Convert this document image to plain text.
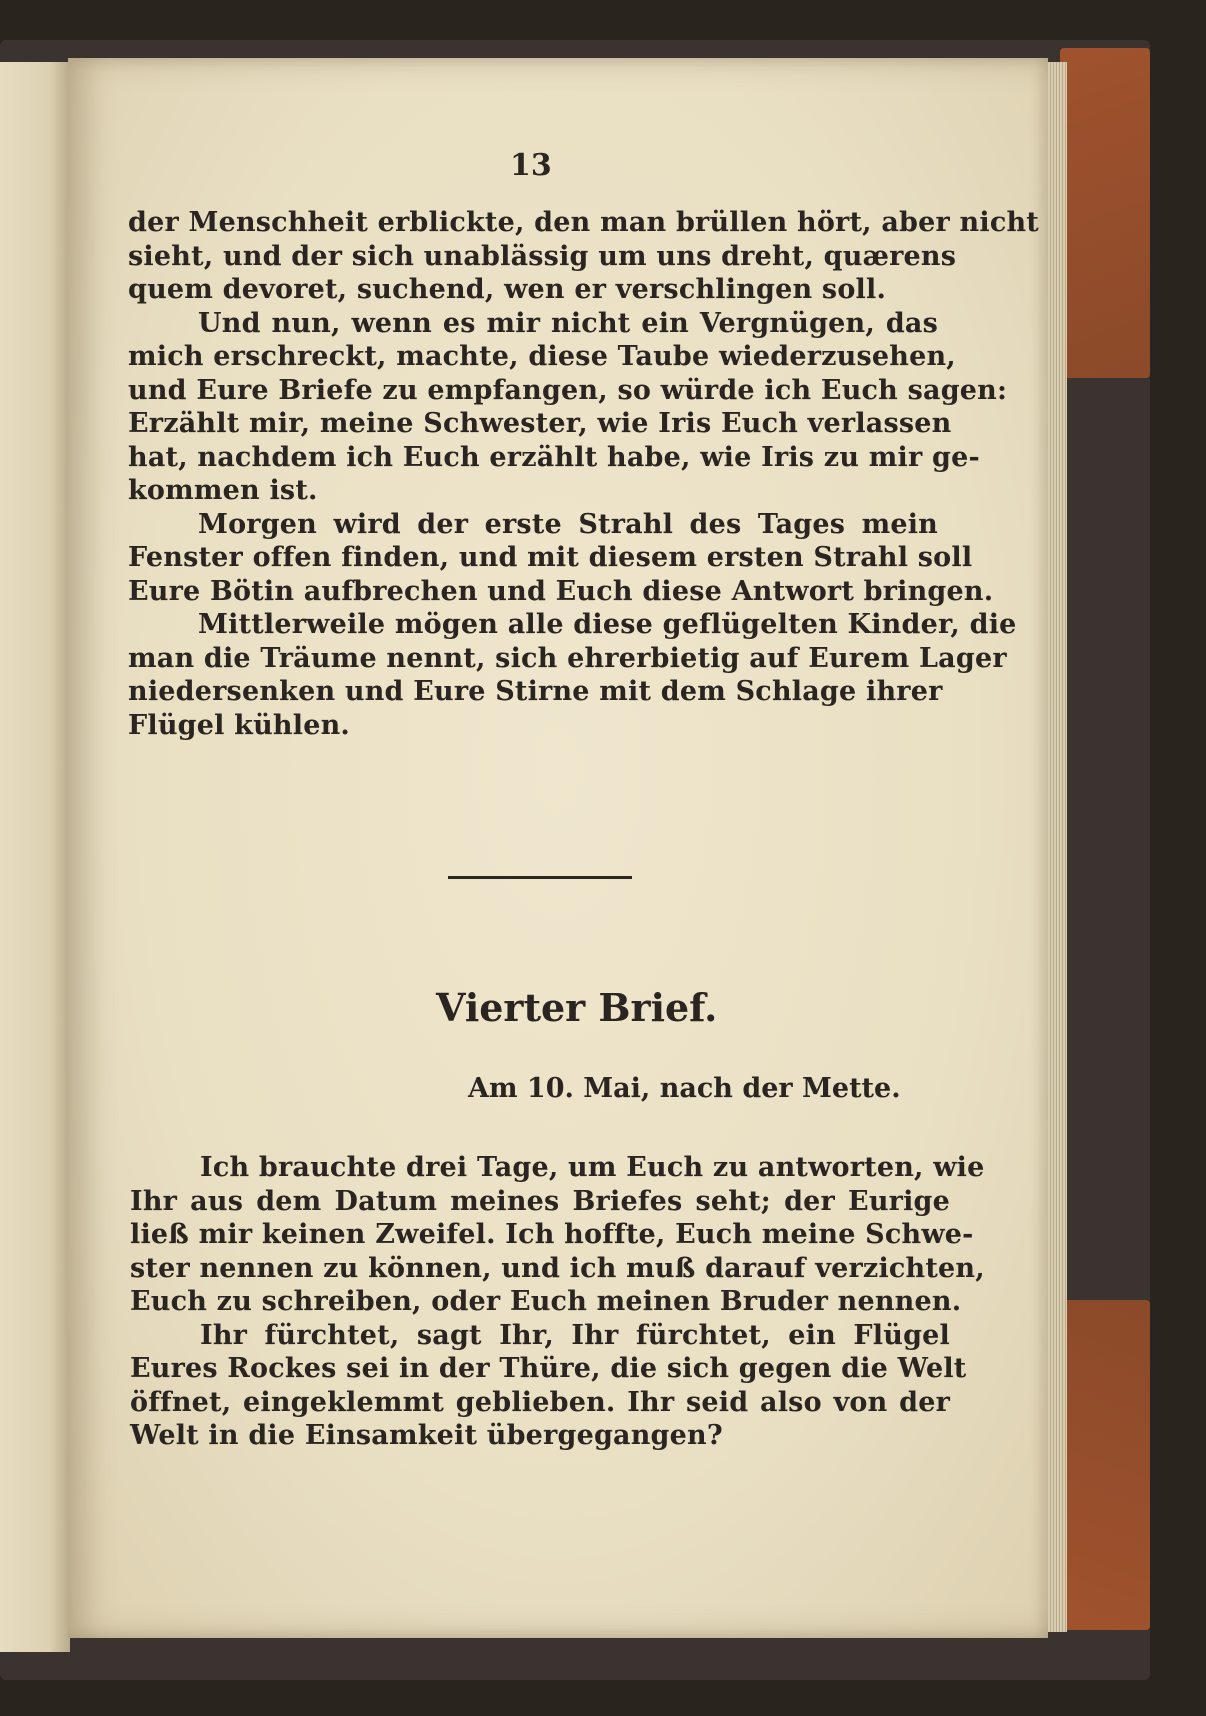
13
der Menschheit erblickte, den man brüllen hört, aber nicht
sieht, und der sich unablässig um uns dreht, quærens
quem devoret, suchend, wen er verschlingen soll.
Und nun, wenn es mir nicht ein Vergnügen, das
mich erschreckt, machte, diese Taube wiederzusehen,
und Eure Briefe zu empfangen, so würde ich Euch sagen:
Erzählt mir, meine Schwester, wie Iris Euch verlassen
hat, nachdem ich Euch erzählt habe, wie Iris zu mir ge-
kommen ist.
Morgen wird der erste Strahl des Tages mein
Fenster offen finden, und mit diesem ersten Strahl soll
Eure Bötin aufbrechen und Euch diese Antwort bringen.
Mittlerweile mögen alle diese geflügelten Kinder, die
man die Träume nennt, sich ehrerbietig auf Eurem Lager
niedersenken und Eure Stirne mit dem Schlage ihrer
Flügel kühlen.
Vierter Brief.
Am 10. Mai, nach der Mette.
Ich brauchte drei Tage, um Euch zu antworten, wie
Ihr aus dem Datum meines Briefes seht; der Eurige
ließ mir keinen Zweifel. Ich hoffte, Euch meine Schwe-
ster nennen zu können, und ich muß darauf verzichten,
Euch zu schreiben, oder Euch meinen Bruder nennen.
Ihr fürchtet, sagt Ihr, Ihr fürchtet, ein Flügel
Eures Rockes sei in der Thüre, die sich gegen die Welt
öffnet, eingeklemmt geblieben. Ihr seid also von der
Welt in die Einsamkeit übergegangen?
